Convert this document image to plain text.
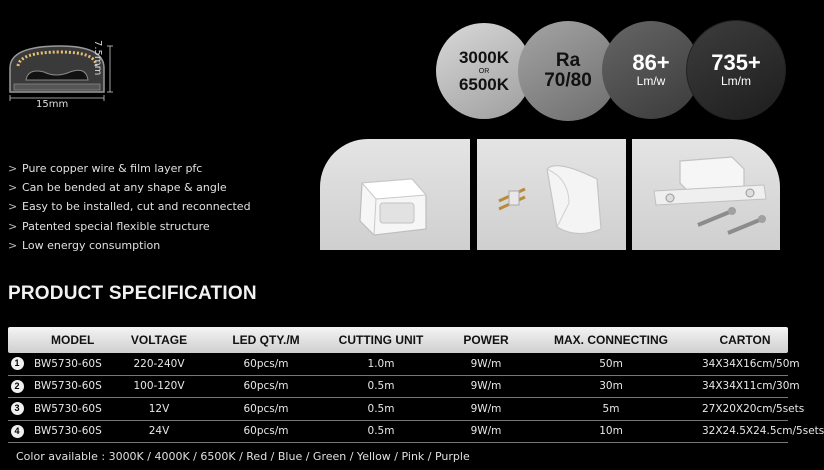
15mm
7.5mm	3000K
OR
6500K
Ra
70/80
86+
Lm/w
735+
Lm/m
> Pure copper wire & film layer pfc
> Can be bended at any shape & angle
> Easy to be installed, cut and reconnected
> Patented special flexible structure
> Low energy consumption
PRODUCT SPECIFICATION
MODEL	VOLTAGE	LED QTY./M	CUTTING UNIT	POWER	MAX. CONNECTING	CARTON
1	BW5730-60S	220-240V	60pcs/m	1.0m	9W/m	50m	34X34X16cm/50m
2	BW5730-60S	100-120V	60pcs/m	0.5m	9W/m	30m	34X34X11cm/30m
3	BW5730-60S	12V	60pcs/m	0.5m	9W/m	5m	27X20X20cm/5sets
4	BW5730-60S	24V	60pcs/m	0.5m	9W/m	10m	32X24.5X24.5cm/5sets
Color available : 3000K / 4000K / 6500K / Red / Blue / Green / Yellow / Pink / Purple
